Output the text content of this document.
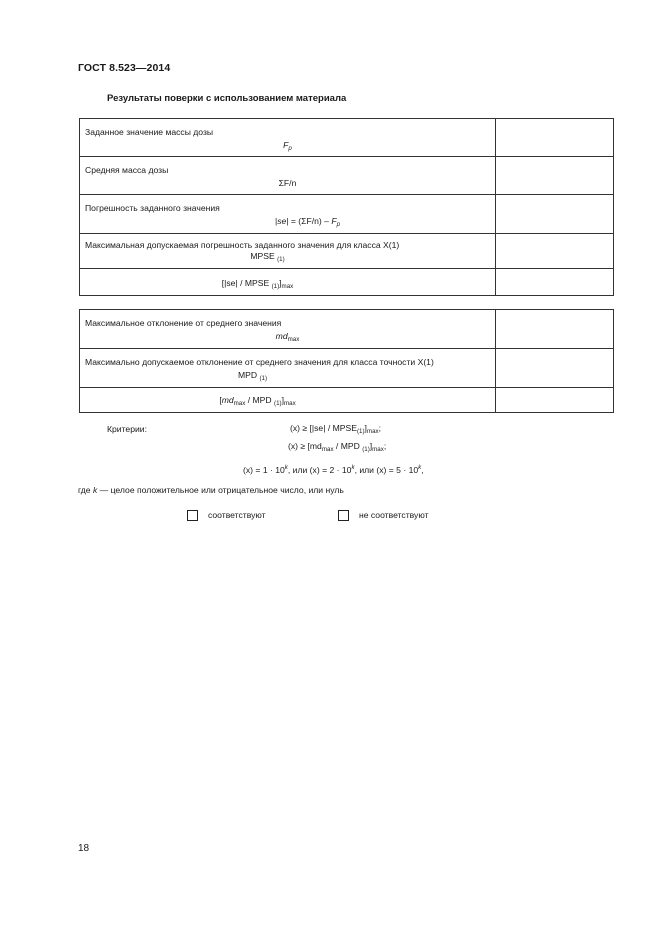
ГОСТ 8.523—2014
Результаты поверки с использованием материала
Заданное значение массы дозы
$F_p$

Средняя масса дозы
ΣF/n	

Погрешность заданного значения
$|se| = (\Sigma F/n) - F_p$

Максимальная допускаемая погрешность заданного значения для класса X(1)
MPSE $_{(1)}$

[|se| / MPSE $_{(1)}]_{max}$

Максимальное отклонение от среднего значения
$md_{max}$

Максимально допускаемое отклонение от среднего значения для класса точности X(1)
MPD $_{(1)}$

[$md_{max}$ / MPD $_{(1)}]_{max}$

Критерии:	$(x) \ge [|se| / MPSE_{(1)}]_{max}$;
$(x) \ge [md_{max}$ / MPD $_{(1)}]_{max}$;
$(x) = 1 \cdot 10^k$, или $(x) = 2 \cdot 10^k$, или $(x) = 5 \cdot 10^k$,
где k — целое положительное или отрицательное число, или нуль
соответствуют	не соответствуют
18
